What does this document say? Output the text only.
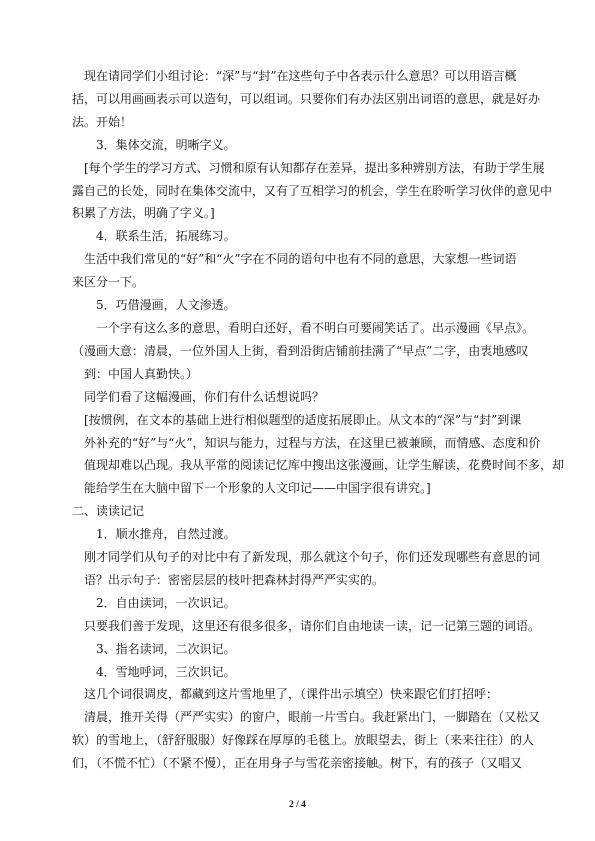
现在请同学们小组讨论：“深”与“封”在这些句子中各表示什么意思？可以用语言概
括，可以用画画表示可以造句，可以组词。只要你们有办法区别出词语的意思，就是好办
法。开始！
3．集体交流，明晰字义。
[每个学生的学习方式、习惯和原有认知都存在差异，提出多种辨别方法，有助于学生展
露自己的长处，同时在集体交流中，又有了互相学习的机会，学生在聆听学习伙伴的意见中
积累了方法，明确了字义。]
4．联系生活，拓展练习。
生活中我们常见的“好”和“火”字在不同的语句中也有不同的意思，大家想一些词语
来区分一下。
5．巧借漫画，人文渗透。
一个字有这么多的意思，看明白还好，看不明白可要闹笑话了。出示漫画《早点》。
（漫画大意：清晨，一位外国人上街，看到沿街店铺前挂满了“早点”二字，由衷地感叹
到：中国人真勤快。）
同学们看了这幅漫画，你们有什么话想说吗？
[按惯例，在文本的基础上进行相似题型的适度拓展即止。从文本的“深”与“封”到课
外补充的“好”与“火”，知识与能力，过程与方法，在这里已被兼顾，而情感、态度和价
值现却难以凸现。我从平常的阅读记忆库中搜出这张漫画，让学生解读，花费时间不多，却
能给学生在大脑中留下一个形象的人文印记——中国字很有讲究。]
二、读读记记
1．顺水推舟，自然过渡。
刚才同学们从句子的对比中有了新发现，那么就这个句子，你们还发现哪些有意思的词
语？出示句子：密密层层的枝叶把森林封得严严实实的。
2．自由读词，一次识记。
只要我们善于发现，这里还有很多很多，请你们自由地读一读，记一记第三题的词语。
3、指名读词，二次识记。
4．雪地呼词，三次识记。
这几个词很调皮，都藏到这片雪地里了，（课件出示填空）快来跟它们打招呼：
清晨，推开关得（严严实实）的窗户，眼前一片雪白。我赶紧出门，一脚踏在（又松又
软）的雪地上，（舒舒服服）好像踩在厚厚的毛毯上。放眼望去，街上（来来往往）的人
们，（不慌不忙）（不紧不慢），正在用身子与雪花亲密接触。树下，有的孩子（又唱又
2 / 4
